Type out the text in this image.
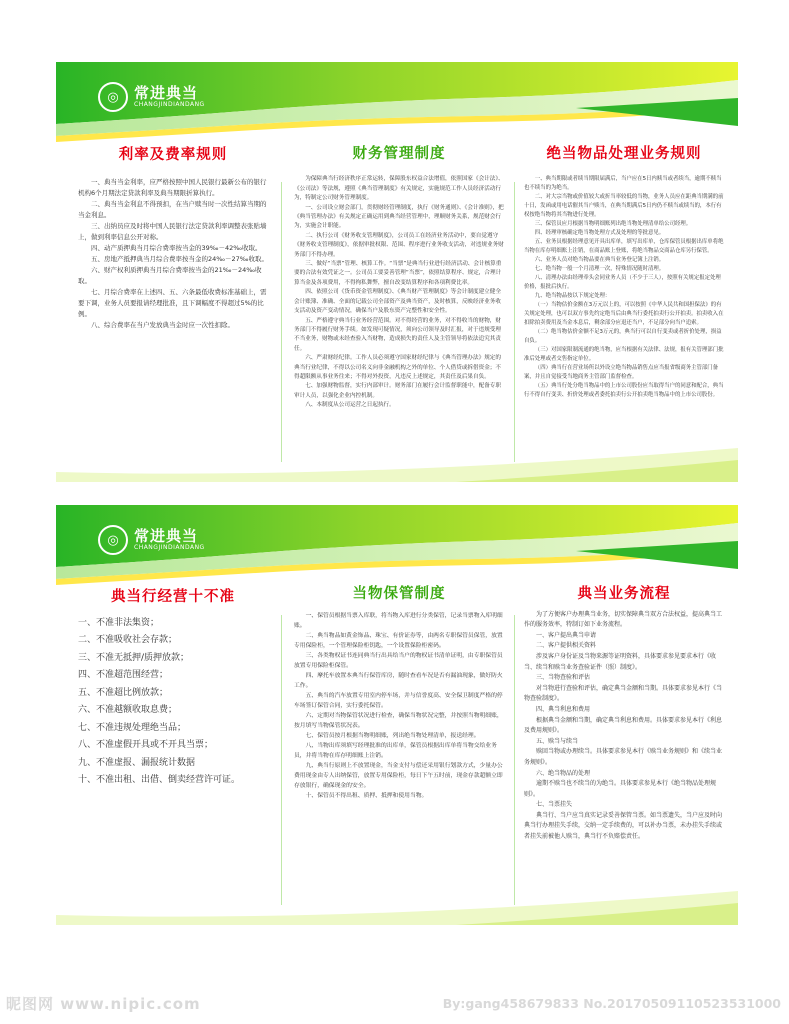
◎	常进典当
CHANGJINDIANDANG
利率及费率规则

一、典当当金利率，应严格按照中国人民银行最新公布的银行机构6个月期法定贷款利率及典当期限折算执行。

二、典当当金利息不得预扣，在当户赎当时一次性结算当期的当金利息。

三、出纳员应及时将中国人民银行法定贷款利率调整表张贴墙上，做到利率信息公开对称。

四、动产质押典当月综合费率按当金的39‰－42‰收取。

五、房地产抵押典当月综合费率按当金的24‰－27‰收取。

六、财产权利质押典当月综合费率按当金的21‰－24‰收取。

七、月综合费率在上述四、五、六条最低收费标准基础上，需要下调，业务人员要报请经理批准，且下调幅度不得超过5%的比例。

八、综合费率在当户发放典当金时应一次性扣除。

财务管理制度

为保障典当行经济秩序正常运转，保障股东权益合法增值，依照国家《会计法》、《公司法》等法规，遵照《典当管理制度》有关规定，实施规范工作人员经济活动行为，特制定公司财务管理制度。

一、公司设立财会部门，贯彻财经管理制度，执行《财务通则》、《会计准则》，把《典当管理办法》有关规定正确运用到典当经营管理中，理顺财务关系，规范财会行为，实施会计职能。

二、执行公司《财务收支管理制度》，公司员工在经济业务活动中，要自觉遵守《财务收支管理制度》，依据审批权限、范围、程序进行业务收支活动，对违规业务财务部门不得办理。

三、做好“当票”管理、核算工作。“当票”是典当行业进行经济活动、会计核算重要的合法有效凭证之一。公司员工要妥善管理“当票”，依照结算程序、规定，合理计算当金及各项费用，不得徇私舞弊，擅自改变结算程序和各项利费比率。

四、依照公司《货币资金管理制度》、《典当财产管理制度》等会计制度建立健全会计账簿、准确、全面的记载公司全部资产及典当资产，及时核算，反映经济业务收支活动及资产变动情况，确保当户及股东资产完整性和安全性。

五、严格遵守典当行业务经营范围。对不得经营的业务，对不得收当的财物，财务部门不得履行财务手续。如发现可疑情况，须向公司领导及时汇报，对于违规受理不当业务，财物或未经查验入当财物，造成损失的责任人及主管领导将依法追究其责任。

六、严肃财经纪律。工作人员必须遵守国家财经纪律与《典当管理办法》规定的典当行业纪律，不得以公司名义向非金融机构之外的单位、个人借贷或拆借资金；不得超限额从事业务往来；不得对外投资，凡违反上述规定，其责任及后果自负。

七、加强财物监督，实行内部审计。财务部门在履行会计监督职能中，配备专职审计人员，以强化企业内控机制。

八、本制度从公司运营之日起执行。

绝当物品处理业务规则

一、典当期限或者续当期限届满后，当户应在5日内赎当或者续当，逾期不赎当也不续当的为绝当。

二、对大宗当物或价值较大或折当率较低的当物，业务人员应在距典当期满的前十日，发函或用电话催其当户赎当，在典当期满后5日内仍不赎当或续当的，本行有权按绝当物将其当物进行处理。

三、保管员应月根据当物明细账列出绝当物处理清单给公司经理。

四、经理审核确定绝当物处理方式及处理的等批意见。

五、业务员根据经理意见开具出库单，填写出库单，仓库保管员根据出库单将绝当物在库存明细账上注销，在商品账上登账，将绝当物品交商品仓库另行保管。

六、业务人员对绝当物品要在典当业务登记簿上注销。

七、绝当物一般一个月清理一次，特殊情况随时清理。

八、清理办法由经理牵头会同业务人员（不少于三人），按照有关规定报定处理价格，报批后执行。

九、绝当物品按以下规定处理：

（一）当物估价金额在3万元以上的，可以按照《中华人民共和国担保法》的有关规定处理，也可以双方事先约定绝当后由典当行委托拍卖行公开拍卖。拍卖收入在扣除拍卖费用及当金本息后，剩余部分应退还当户，不足部分向当户追索。

（二）绝当物估价金额不足3万元的，典当行可以自行变卖或者折价处理，损益自负。

（三）对国家限制流通的绝当物，应当根据有关法律、法规，报有关管理部门批准后处理或者交售指定单位。

（四）典当行在营业场所以外设立绝当物品销售点应当报省级商务主管部门备案，并且自觉接受当地商务主管部门监督检查。

（五）典当行处分绝当物品中的上市公司股份应当取得当户的同意和配合，典当行不得自行变卖、折价处理或者委托拍卖行公开拍卖绝当物品中的上市公司股份。

◎	常进典当
CHANGJINDIANDANG
典当行经营十不准

一、不准非法集资；

二、不准吸收社会存款；

三、不准无抵押/质押放款；

四、不准超范围经营；

五、不准超比例放款；

六、不准越额收取息费；

七、不准违规处理绝当品；

八、不准虚假开具或不开具当票；

九、不准虚报、漏报统计数据

十、不准出租、出借、倒卖经营许可证。

当物保管制度

一、保管员根据当票入库联，将当物入库进行分类保管，记录当票物入库明细账。

二、典当物品如黄金饰品、珠宝、有价证券等，由两名专职保管员保管，放置专用保险柜，一个管理保险柜钥匙，一个设置保险柜密码。

三、各类物权证书连同典当行出具给当户的物权证书清单证明，由专职保管员放置专用保险柜保管。

四、摩托车放置本典当行保管库房，随时查看车况是否有漏油现象，做好防火工作。

五、典当的汽车放置专用室内停车场，并与信誉度高、安全保卫制度严格的停车场签订保管合同，实行委托保管。

六、定期对当物保管状况进行检查，确保当物状况完整，并按照当物明细账，按月填写当物保管状况表。

七、保管员按月根据当物明细账，列出绝当物处理清单，报送经理。

八、当物出库须填写经理批准的出库单，保管员根据出库单将当物交给业务员，并将当物在库存明细账上注销。

九、典当行原则上不放置现金，当金支付与偿还采用银行划款方式，少量办公费用现金由专人出纳保管，放置专用保险柜，每日下午五时前，现金存款超额立即存放银行，确保现金的安全。

十、保管员不得出租、质押、抵押和使用当物。

典当业务流程

为了方便客户办理典当业务，切实保障典当双方合法权益，提高典当工作的服务效率，特制订如下业务流程。

一、客户提出典当申请

二、客户提供相关资料

涉及客户身份证及当物来源等证明资料，具体要求参见要求本行《收当、续当和赎当业务查验证件（照）制度》。

三、当物查验和评估

对当物进行查验和评估，确定典当金额和当期。具体要求参见本行《当物查验制度》。

四、典当利息和费用

根据典当金额和当期，确定典当利息和费用。具体要求参见本行《利息及费用规则》。

五、赎当与续当

赎回当物或办理续当。具体要求参见本行《赎当业务规则》和《续当业务规则》。

六、绝当物品的处理

逾期不赎当也不续当的为绝当。具体要求参见本行《绝当物品处理规则》。

七、当票挂失

典当行、当户应当真实记录妥善保管当票。如当票遗失，当户应及时向典当行办理挂失手续，交纳一定手续费的，可以补办当票，未办挂失手续或者挂失前被他人赎当，典当行不负赔偿责任。

昵图网 www.nipic.com	By:gang458679833 No.20170509110523531000
